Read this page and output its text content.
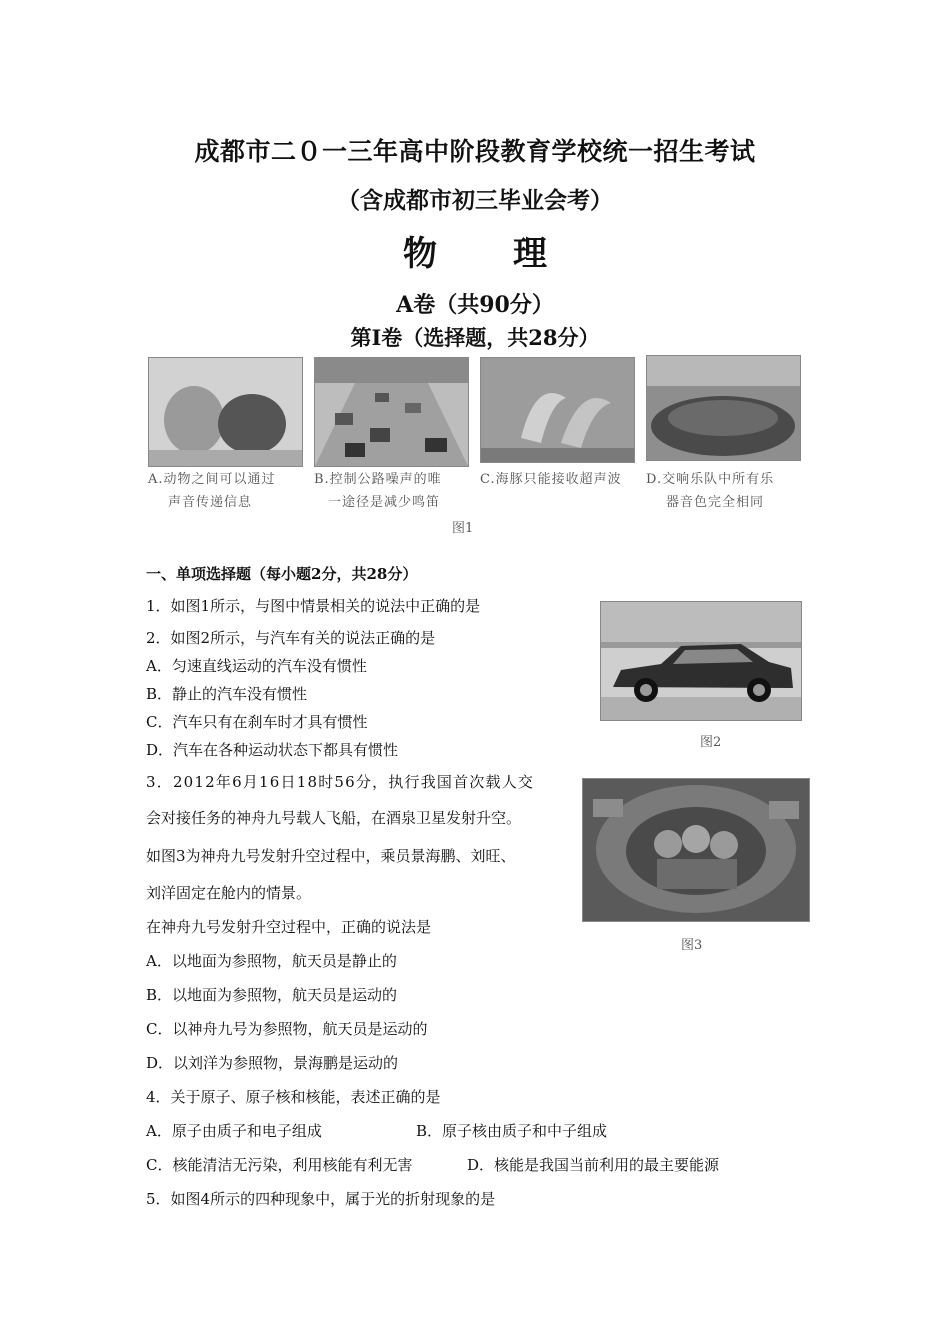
成都市二０一三年高中阶段教育学校统一招生考试
（含成都市初三毕业会考）
物 理
A卷（共90分）
第Ⅰ卷（选择题，共28分）
A.动物之间可以通过
声音传递信息
B.控制公路噪声的唯
一途径是减少鸣笛
C.海豚只能接收超声波	D.交响乐队中所有乐
器音色完全相同
图1
一、单项选择题（每小题2分，共28分）
1．如图1所示，与图中情景相关的说法中正确的是
2．如图2所示，与汽车有关的说法正确的是
A．匀速直线运动的汽车没有惯性
B．静止的汽车没有惯性
C．汽车只有在刹车时才具有惯性
D．汽车在各种运动状态下都具有惯性	图2
3．2012年6月16日18时56分，执行我国首次载人交
会对接任务的神舟九号载人飞船，在酒泉卫星发射升空。
如图3为神舟九号发射升空过程中，乘员景海鹏、刘旺、
刘洋固定在舱内的情景。
在神舟九号发射升空过程中，正确的说法是
A．以地面为参照物，航天员是静止的
B．以地面为参照物，航天员是运动的
C．以神舟九号为参照物，航天员是运动的
D．以刘洋为参照物，景海鹏是运动的
图3
4．关于原子、原子核和核能，表述正确的是
A．原子由质子和电子组成	B．原子核由质子和中子组成
C．核能清洁无污染，利用核能有利无害	D．核能是我国当前利用的最主要能源
5．如图4所示的四种现象中，属于光的折射现象的是
